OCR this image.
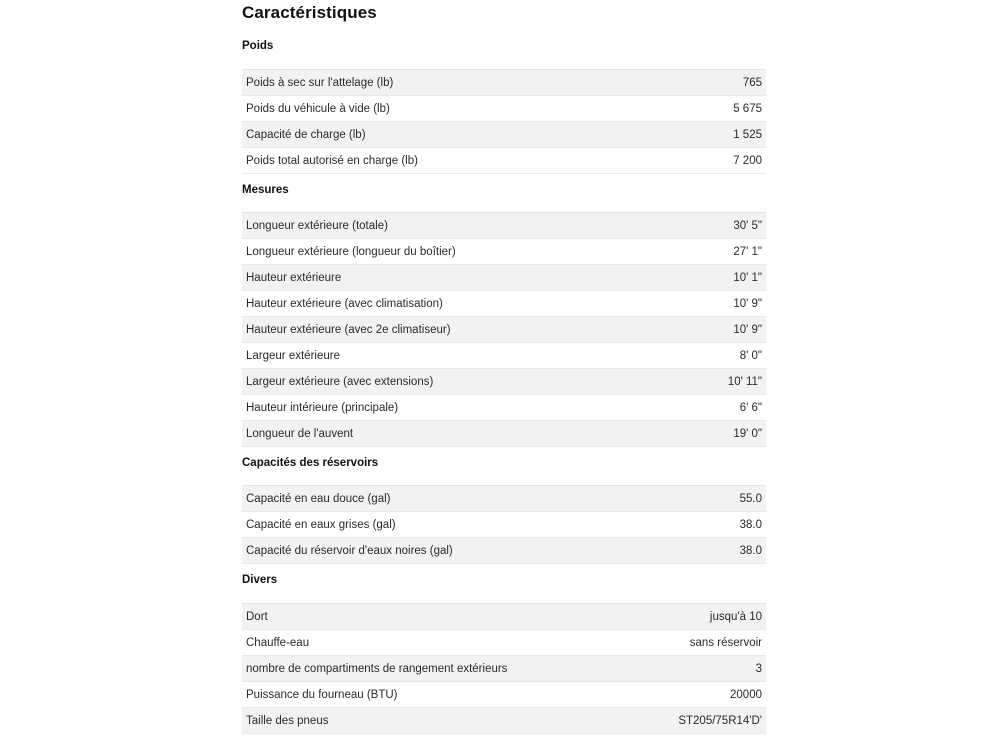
Caractéristiques
Poids
Poids à sec sur l'attelage (lb)	765
Poids du véhicule à vide (lb)	5 675
Capacité de charge (lb)	1 525
Poids total autorisé en charge (lb)	7 200
Mesures
Longueur extérieure (totale)	30' 5"
Longueur extérieure (longueur du boîtier)	27' 1"
Hauteur extérieure	10' 1"
Hauteur extérieure (avec climatisation)	10' 9"
Hauteur extérieure (avec 2e climatiseur)	10' 9"
Largeur extérieure	8' 0"
Largeur extérieure (avec extensions)	10' 11"
Hauteur intérieure (principale)	6' 6"
Longueur de l'auvent	19' 0"
Capacités des réservoirs
Capacité en eau douce (gal)	55.0
Capacité en eaux grises (gal)	38.0
Capacité du réservoir d'eaux noires (gal)	38.0
Divers
Dort	jusqu'à 10
Chauffe-eau	sans réservoir
nombre de compartiments de rangement extérieurs	3
Puissance du fourneau (BTU)	20000
Taille des pneus	ST205/75R14'D'
